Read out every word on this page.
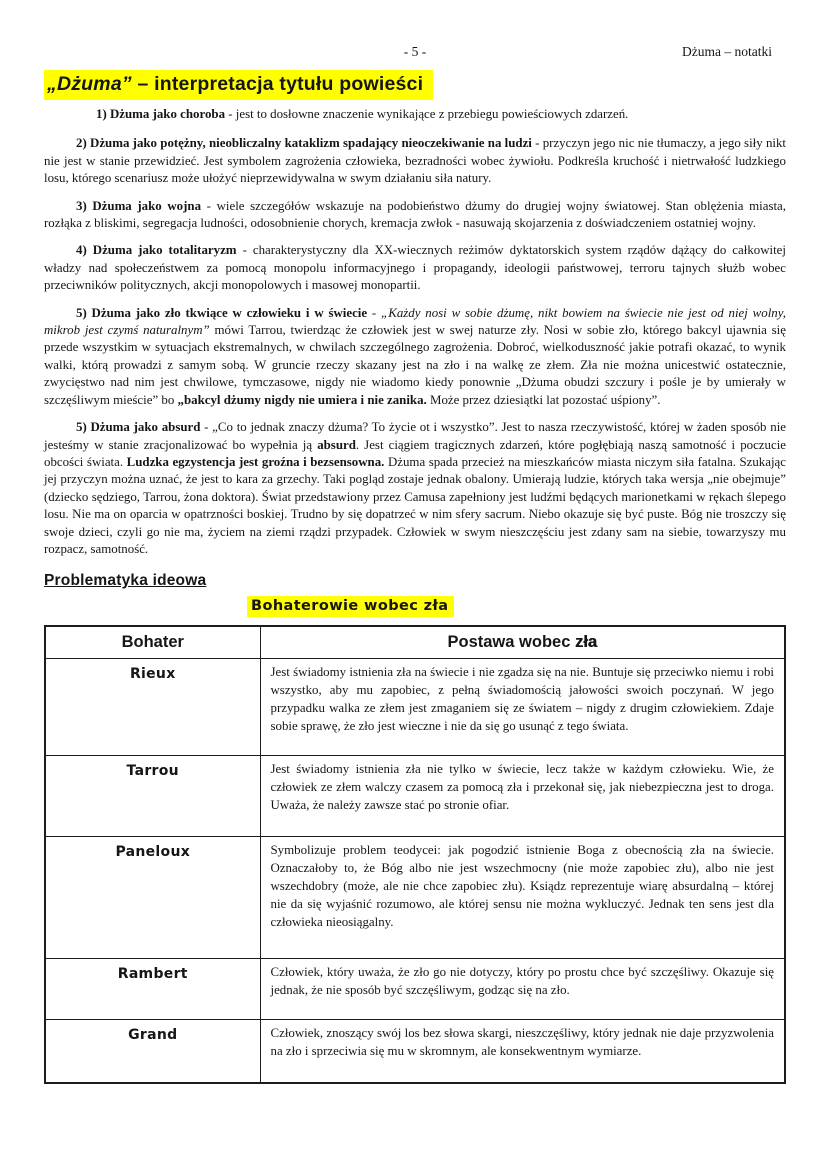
- 5 -	Dżuma – notatki
„Dżuma” – interpretacja tytułu powieści

1) Dżuma jako choroba - jest to dosłowne znaczenie wynikające z przebiegu powieściowych zdarzeń.

2) Dżuma jako potężny, nieobliczalny kataklizm spadający nieoczekiwanie na ludzi - przyczyn jego nic nie tłumaczy, a jego siły nikt nie jest w stanie przewidzieć. Jest symbolem zagrożenia człowieka, bezradności wobec żywiołu. Podkreśla kruchość i nietrwałość ludzkiego losu, którego scenariusz może ułożyć nieprzewidywalna w swym działaniu siła natury.

3) Dżuma jako wojna - wiele szczegółów wskazuje na podobieństwo dżumy do drugiej wojny światowej. Stan oblężenia miasta, rozłąka z bliskimi, segregacja ludności, odosobnienie chorych, kremacja zwłok - nasuwają skojarzenia z doświadczeniem ostatniej wojny.

4) Dżuma jako totalitaryzm - charakterystyczny dla XX-wiecznych reżimów dyktatorskich system rządów dążący do całkowitej władzy nad społeczeństwem za pomocą monopolu informacyjnego i propagandy, ideologii państwowej, terroru tajnych służb wobec przeciwników politycznych, akcji monopolowych i masowej monopartii.

5) Dżuma jako zło tkwiące w człowieku i w świecie - „Każdy nosi w sobie dżumę, nikt bowiem na świecie nie jest od niej wolny, mikrob jest czymś naturalnym” mówi Tarrou, twierdząc że człowiek jest w swej naturze zły. Nosi w sobie zło, którego bakcyl ujawnia się przede wszystkim w sytuacjach ekstremalnych, w chwilach szczególnego zagrożenia. Dobroć, wielkoduszność jakie potrafi okazać, to wynik walki, którą prowadzi z samym sobą. W gruncie rzeczy skazany jest na zło i na walkę ze złem. Zła nie można unicestwić ostatecznie, zwycięstwo nad nim jest chwilowe, tymczasowe, nigdy nie wiadomo kiedy ponownie „Dżuma obudzi szczury i pośle je by umierały w szczęśliwym mieście” bo „bakcyl dżumy nigdy nie umiera i nie zanika. Może przez dziesiątki lat pozostać uśpiony”.

5) Dżuma jako absurd - „Co to jednak znaczy dżuma? To życie ot i wszystko”. Jest to nasza rzeczywistość, której w żaden sposób nie jesteśmy w stanie zracjonalizować bo wypełnia ją absurd. Jest ciągiem tragicznych zdarzeń, które pogłębiają naszą samotność i poczucie obcości świata. Ludzka egzystencja jest groźna i bezsensowna. Dżuma spada przecież na mieszkańców miasta niczym siła fatalna. Szukając jej przyczyn można uznać, że jest to kara za grzechy. Taki pogląd zostaje jednak obalony. Umierają ludzie, których taka wersja „nie obejmuje” (dziecko sędziego, Tarrou, żona doktora). Świat przedstawiony przez Camusa zapełniony jest ludźmi będących marionetkami w rękach ślepego losu. Nie ma on oparcia w opatrzności boskiej. Trudno by się dopatrzeć w nim sfery sacrum. Niebo okazuje się być puste. Bóg nie troszczy się swoje dzieci, czyli go nie ma, życiem na ziemi rządzi przypadek. Człowiek w swym nieszczęściu jest zdany sam na siebie, towarzyszy mu rozpacz, samotność.

Problematyka ideowa
Bohaterowie wobec zła
Bohater	Postawa wobec zła
Rieux	Jest świadomy istnienia zła na świecie i nie zgadza się na nie. Buntuje się przeciwko niemu i robi wszystko, aby mu zapobiec, z pełną świadomością jałowości swoich poczynań. W jego przypadku walka ze złem jest zmaganiem się ze światem – nigdy z drugim człowiekiem. Zdaje sobie sprawę, że zło jest wieczne i nie da się go usunąć z tego świata.
Tarrou	Jest świadomy istnienia zła nie tylko w świecie, lecz także w każdym człowieku. Wie, że człowiek ze złem walczy czasem za pomocą zła i przekonał się, jak niebezpieczna jest to droga. Uważa, że należy zawsze stać po stronie ofiar.
Paneloux	Symbolizuje problem teodycei: jak pogodzić istnienie Boga z obecnością zła na świecie. Oznaczałoby to, że Bóg albo nie jest wszechmocny (nie może zapobiec złu), albo nie jest wszechdobry (może, ale nie chce zapobiec złu). Ksiądz reprezentuje wiarę absurdalną – której nie da się wyjaśnić rozumowo, ale której sensu nie można wykluczyć. Jednak ten sens jest dla człowieka nieosiągalny.
Rambert	Człowiek, który uważa, że zło go nie dotyczy, który po prostu chce być szczęśliwy. Okazuje się jednak, że nie sposób być szczęśliwym, godząc się na zło.
Grand	Człowiek, znoszący swój los bez słowa skargi, nieszczęśliwy, który jednak nie daje przyzwolenia na zło i sprzeciwia się mu w skromnym, ale konsekwentnym wymiarze.
